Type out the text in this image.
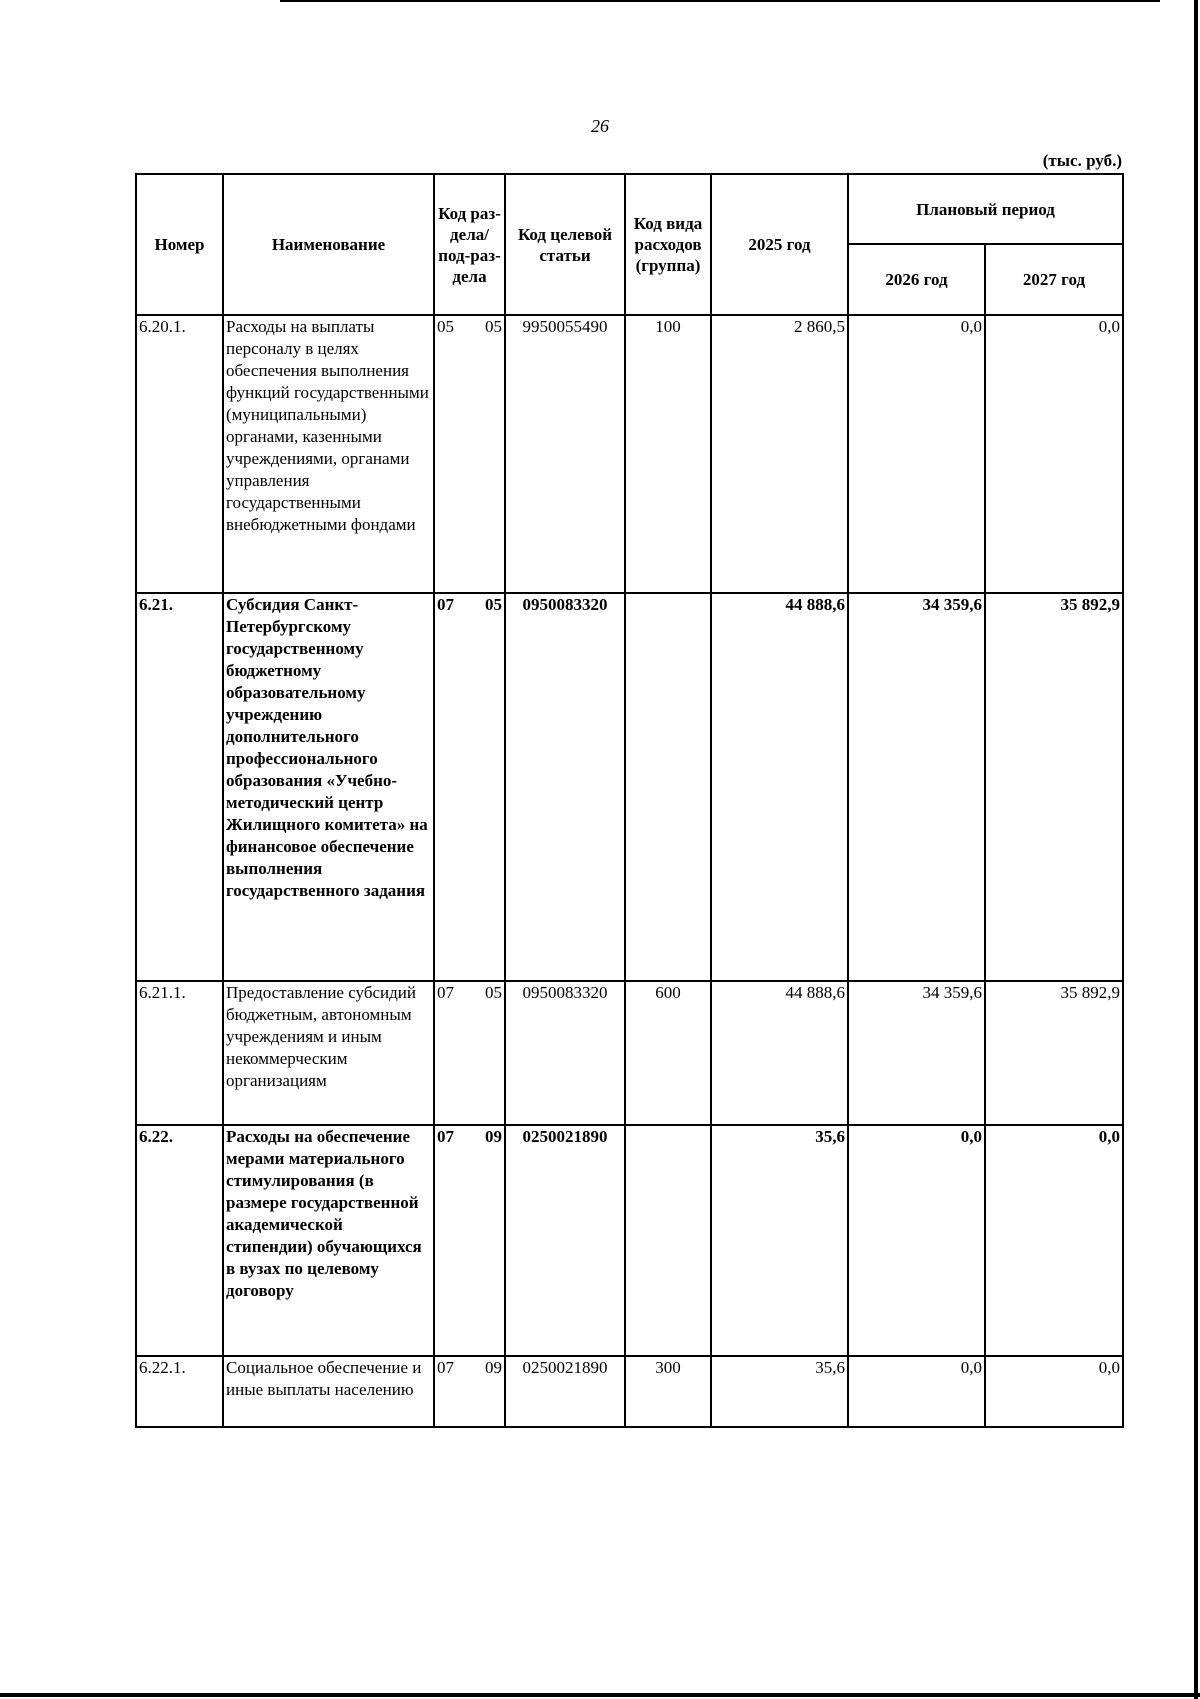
26
(тыс. руб.)
Номер	Наименование	Код раз-дела/ под-раз-дела	Код целевой статьи	Код вида расходов (группа)	2025 год	Плановый период	
						2026 год	2027 год
6.20.1.	Расходы на выплаты персоналу в целях обеспечения выполнения функций государственными (муниципальными) органами, казенными учреждениями, органами управления государственными внебюджетными фондами	05 05	9950055490	100	2 860,5	0,0	0,0
6.21.	Субсидия Санкт-Петербургскому государственному бюджетному образовательному учреждению дополнительного профессионального образования «Учебно-методический центр Жилищного комитета» на финансовое обеспечение выполнения государственного задания	07 05	0950083320		44 888,6	34 359,6	35 892,9
6.21.1.	Предоставление субсидий бюджетным, автономным учреждениям и иным некоммерческим организациям	07 05	0950083320	600	44 888,6	34 359,6	35 892,9
6.22.	Расходы на обеспечение мерами материального стимулирования (в размере государственной академической стипендии) обучающихся в вузах по целевому договору	07 09	0250021890		35,6	0,0	0,0
6.22.1.	Социальное обеспечение и иные выплаты населению	07 09	0250021890	300	35,6	0,0	0,0
